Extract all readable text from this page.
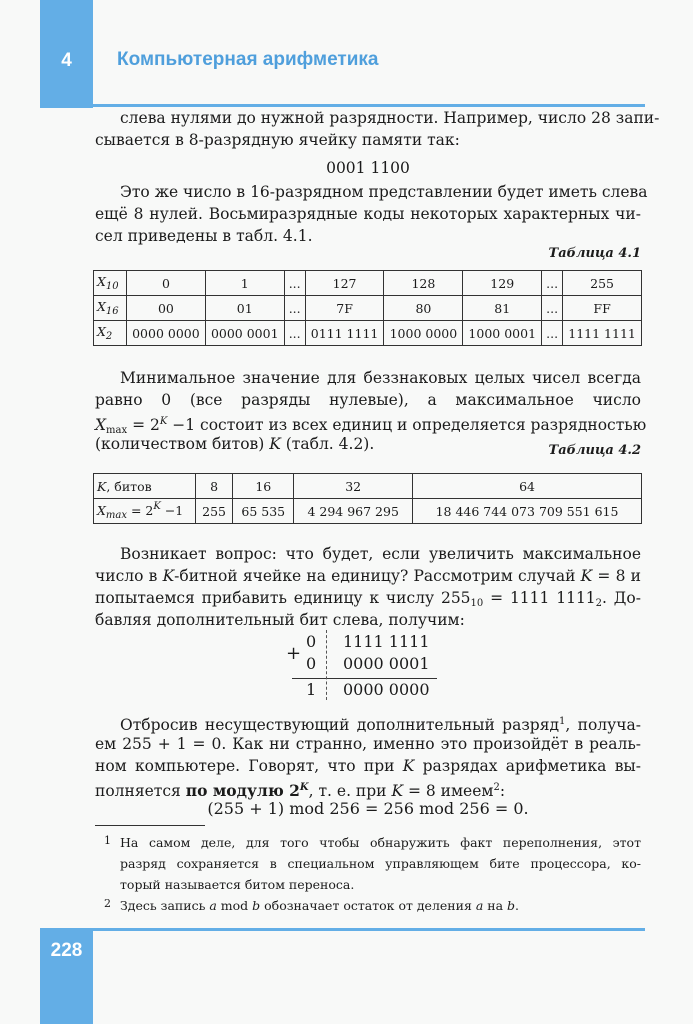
4	Компьютерная арифметика
слева нулями до нужной разрядности. Например, число 28 запи-
сывается в 8-разрядную ячейку памяти так:
0001 1100
Это же число в 16-разрядном представлении будет иметь слева
ещё 8 нулей. Восьмиразрядные коды некоторых характерных чи-
сел приведены в табл. 4.1.
Таблица 4.1
$X_{10}$	0	1	...	127	128	129	...	255
$X_{16}$	00	01	...	7F	80	81	...	FF
$X_2$	0000 0000	0000 0001	...	0111 1111	1000 0000	1000 0001	...	1111 1111
Минимальное значение для беззнаковых целых чисел всегда
равно 0 (все разряды нулевые), а максимальное число
$X_{max} = 2^K -1$ состоит из всех единиц и определяется разрядностью
(количеством битов) K (табл. 4.2).	Таблица 4.2
K, битов	8	16	32	64
$X_{max} = 2^K -1$	255	65 535	4 294 967 295	18 446 744 073 709 551 615
Возникает вопрос: что будет, если увеличить максимальное
число в K-битной ячейке на единицу? Рассмотрим случай K = 8 и
попытаемся прибавить единицу к числу $255_{10} = 1111$ $1111_2$. До-
бавляя дополнительный бит слева, получим:
+
0 1111 1111
0 0000 0001
1 0000 0000
Отбросив несуществующий дополнительный разряд$^1$, получа-
ем 255 + 1 = 0. Как ни странно, именно это произойдёт в реаль-
ном компьютере. Говорят, что при K разрядах арифметика вы-
полняется по модулю $2^K$, т. е. при K = 8 имеем$^2$:
(255 + 1) mod 256 = 256 mod 256 = 0.
1 На самом деле, для того чтобы обнаружить факт переполнения, этот
разряд сохраняется в специальном управляющем бите процессора, ко-
торый называется битом переноса.
2 Здесь запись a mod b обозначает остаток от деления a на b.
228
